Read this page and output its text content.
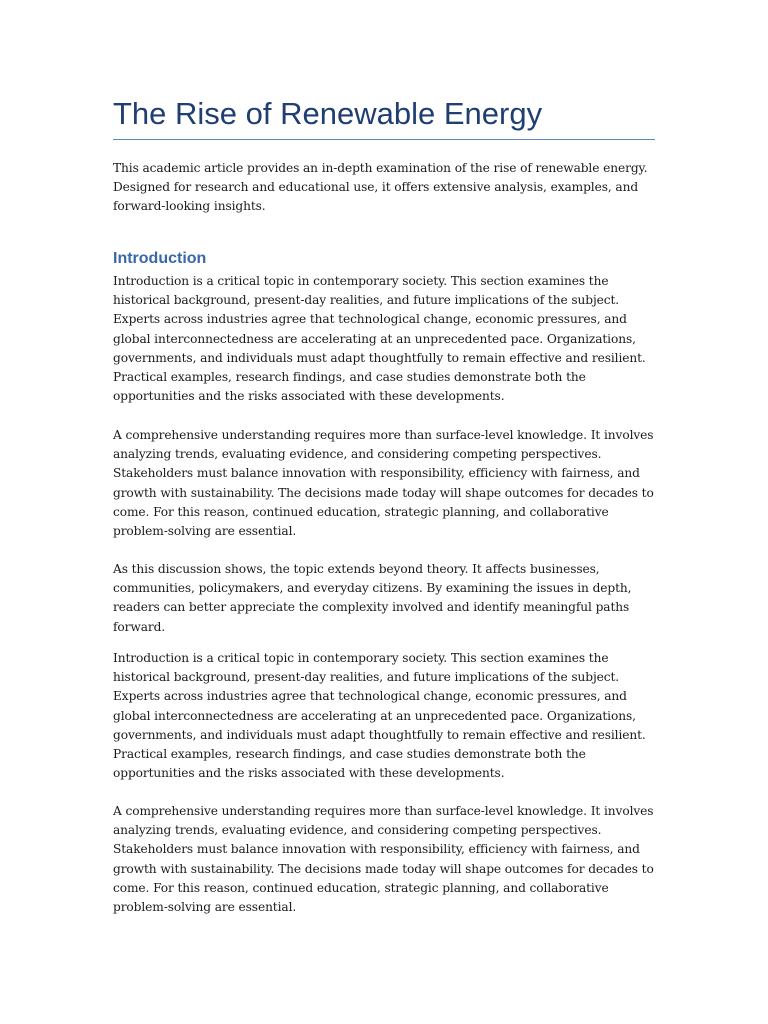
The Rise of Renewable Energy

This academic article provides an in-depth examination of the rise of renewable energy. Designed for research and educational use, it offers extensive analysis, examples, and forward-looking insights.

Introduction

Introduction is a critical topic in contemporary society. This section examines the historical background, present-day realities, and future implications of the subject. Experts across industries agree that technological change, economic pressures, and global interconnectedness are accelerating at an unprecedented pace. Organizations, governments, and individuals must adapt thoughtfully to remain effective and resilient. Practical examples, research findings, and case studies demonstrate both the opportunities and the risks associated with these developments.

A comprehensive understanding requires more than surface-level knowledge. It involves analyzing trends, evaluating evidence, and considering competing perspectives. Stakeholders must balance innovation with responsibility, efficiency with fairness, and growth with sustainability. The decisions made today will shape outcomes for decades to come. For this reason, continued education, strategic planning, and collaborative problem-solving are essential.

As this discussion shows, the topic extends beyond theory. It affects businesses, communities, policymakers, and everyday citizens. By examining the issues in depth, readers can better appreciate the complexity involved and identify meaningful paths forward.

Introduction is a critical topic in contemporary society. This section examines the historical background, present-day realities, and future implications of the subject. Experts across industries agree that technological change, economic pressures, and global interconnectedness are accelerating at an unprecedented pace. Organizations, governments, and individuals must adapt thoughtfully to remain effective and resilient. Practical examples, research findings, and case studies demonstrate both the opportunities and the risks associated with these developments.

A comprehensive understanding requires more than surface-level knowledge. It involves analyzing trends, evaluating evidence, and considering competing perspectives. Stakeholders must balance innovation with responsibility, efficiency with fairness, and growth with sustainability. The decisions made today will shape outcomes for decades to come. For this reason, continued education, strategic planning, and collaborative problem-solving are essential.
